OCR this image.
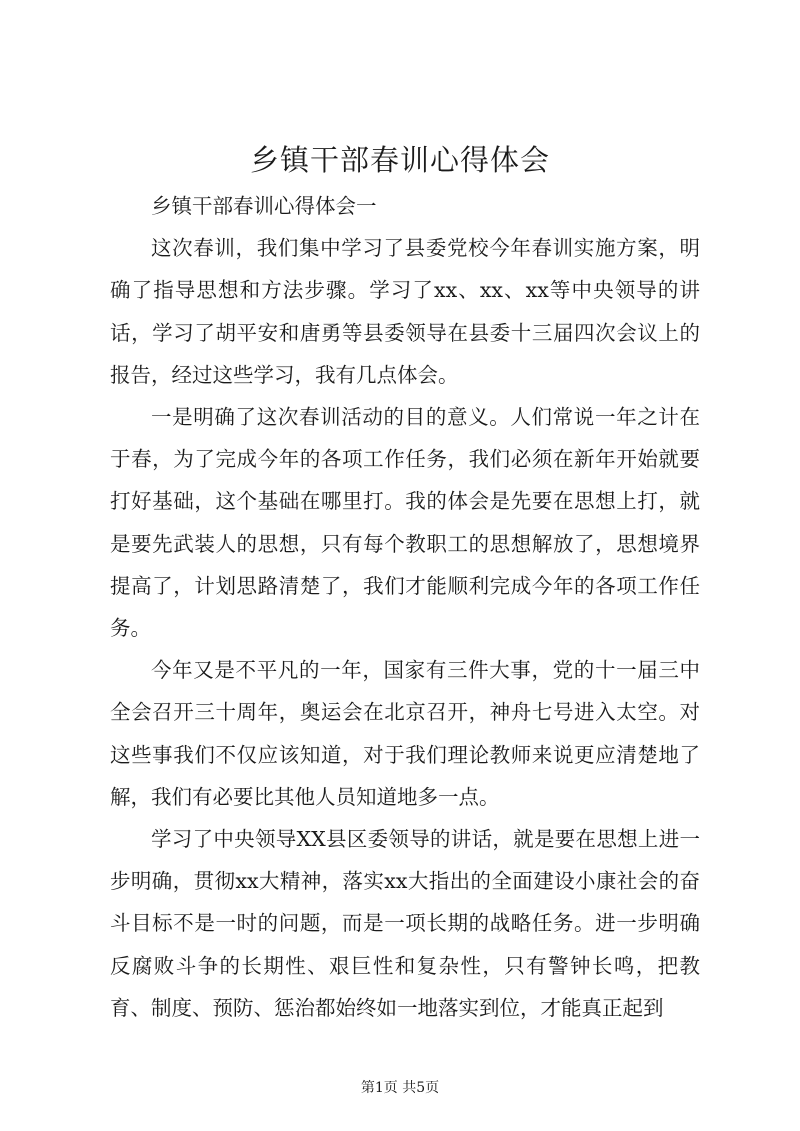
乡镇干部春训心得体会

乡镇干部春训心得体会一

这次春训，我们集中学习了县委党校今年春训实施方案，明确了指导思想和方法步骤。学习了xx、xx、xx等中央领导的讲话，学习了胡平安和唐勇等县委领导在县委十三届四次会议上的报告，经过这些学习，我有几点体会。

一是明确了这次春训活动的目的意义。人们常说一年之计在于春，为了完成今年的各项工作任务，我们必须在新年开始就要打好基础，这个基础在哪里打。我的体会是先要在思想上打，就是要先武装人的思想，只有每个教职工的思想解放了，思想境界提高了，计划思路清楚了，我们才能顺利完成今年的各项工作任务。

今年又是不平凡的一年，国家有三件大事，党的十一届三中全会召开三十周年，奥运会在北京召开，神舟七号进入太空。对这些事我们不仅应该知道，对于我们理论教师来说更应清楚地了解，我们有必要比其他人员知道地多一点。

学习了中央领导XX县区委领导的讲话，就是要在思想上进一步明确，贯彻xx大精神，落实xx大指出的全面建设小康社会的奋斗目标不是一时的问题，而是一项长期的战略任务。进一步明确反腐败斗争的长期性、艰巨性和复杂性，只有警钟长鸣，把教育、制度、预防、惩治都始终如一地落实到位，才能真正起到

第1页 共5页
